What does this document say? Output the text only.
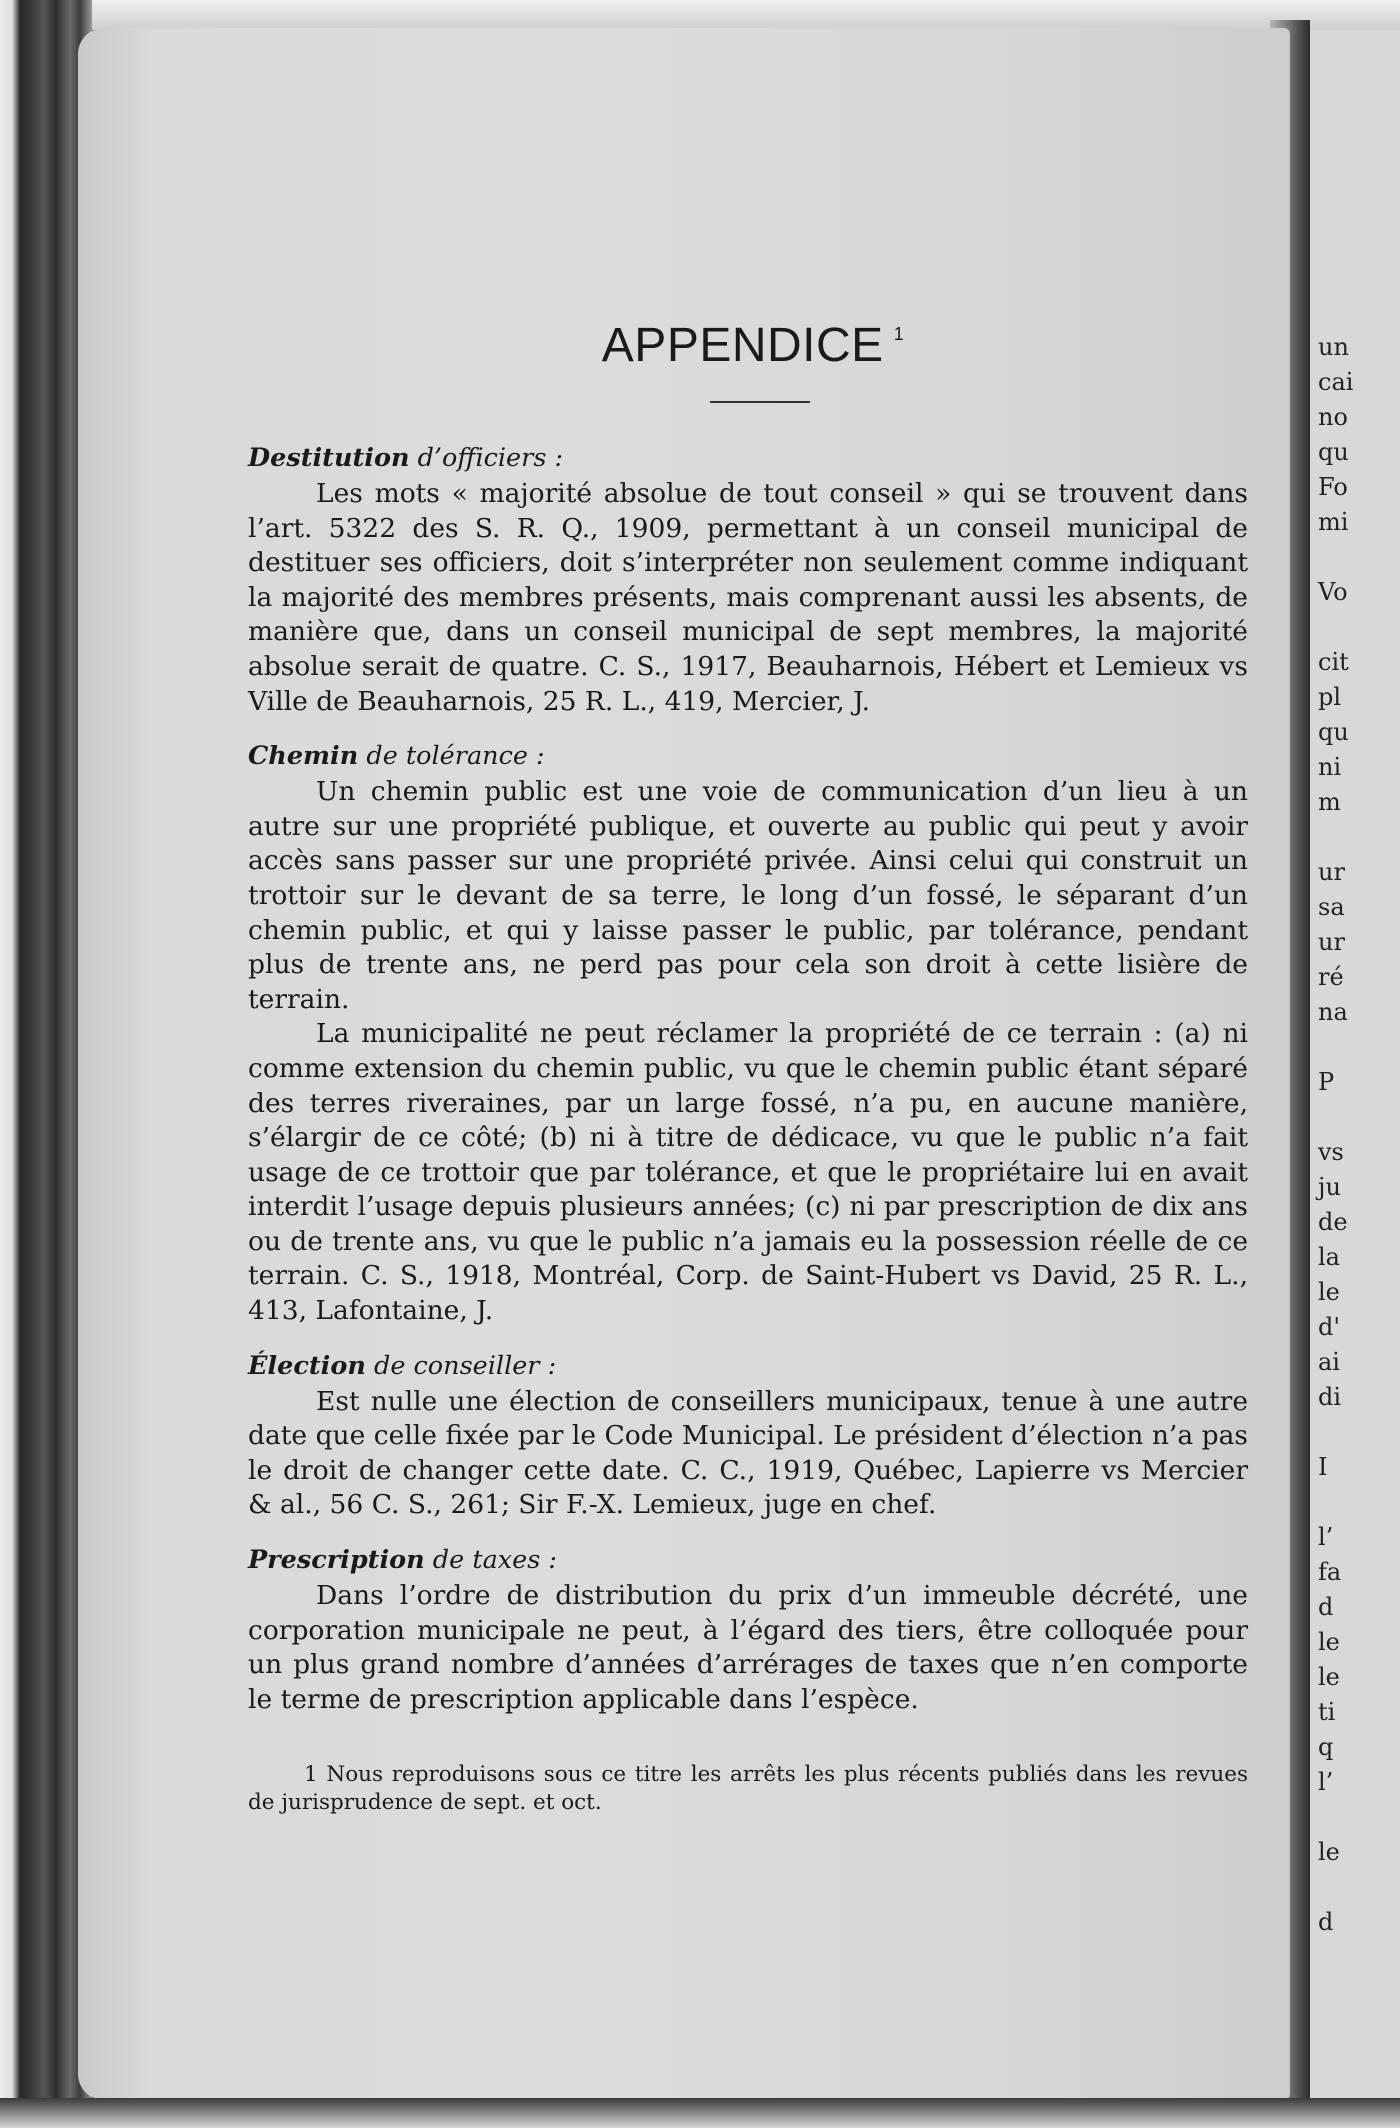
un
cai
no
qu
Fo
mi
Vo
cit
pl
qu
ni
m
ur
sa
ur
ré
na
P
vs
ju
de
la
le
d'
ai
di
I
l’
fa
d
le
le
ti
q
l’
le
d
APPENDICE $^1$
Destitution d’officiers :

Les mots « majorité absolue de tout conseil » qui se trouvent dans l’art. 5322 des S. R. Q., 1909, permettant à un conseil municipal de destituer ses officiers, doit s’interpréter non seulement comme indiquant la majorité des membres présents, mais comprenant aussi les absents, de manière que, dans un conseil municipal de sept membres, la majorité absolue serait de quatre. C. S., 1917, Beauharnois, Hébert et Lemieux vs Ville de Beauharnois, 25 R. L., 419, Mercier, J.

Chemin de tolérance :

Un chemin public est une voie de communication d’un lieu à un autre sur une propriété publique, et ouverte au public qui peut y avoir accès sans passer sur une propriété privée. Ainsi celui qui construit un trottoir sur le devant de sa terre, le long d’un fossé, le séparant d’un chemin public, et qui y laisse passer le public, par tolérance, pendant plus de trente ans, ne perd pas pour cela son droit à cette lisière de terrain.

La municipalité ne peut réclamer la propriété de ce terrain : (a) ni comme extension du chemin public, vu que le chemin public étant séparé des terres riveraines, par un large fossé, n’a pu, en aucune manière, s’élargir de ce côté; (b) ni à titre de dédicace, vu que le public n’a fait usage de ce trottoir que par tolérance, et que le propriétaire lui en avait interdit l’usage depuis plusieurs années; (c) ni par prescription de dix ans ou de trente ans, vu que le public n’a jamais eu la possession réelle de ce terrain. C. S., 1918, Montréal, Corp. de Saint-Hubert vs David, 25 R. L., 413, Lafontaine, J.

Élection de conseiller :

Est nulle une élection de conseillers municipaux, tenue à une autre date que celle fixée par le Code Municipal. Le président d’élection n’a pas le droit de changer cette date. C. C., 1919, Québec, Lapierre vs Mercier & al., 56 C. S., 261; Sir F.-X. Lemieux, juge en chef.

Prescription de taxes :

Dans l’ordre de distribution du prix d’un immeuble décrété, une corporation municipale ne peut, à l’égard des tiers, être colloquée pour un plus grand nombre d’années d’arrérages de taxes que n’en comporte le terme de prescription applicable dans l’espèce.

1 Nous reproduisons sous ce titre les arrêts les plus récents publiés dans les revues de jurisprudence de sept. et oct.
